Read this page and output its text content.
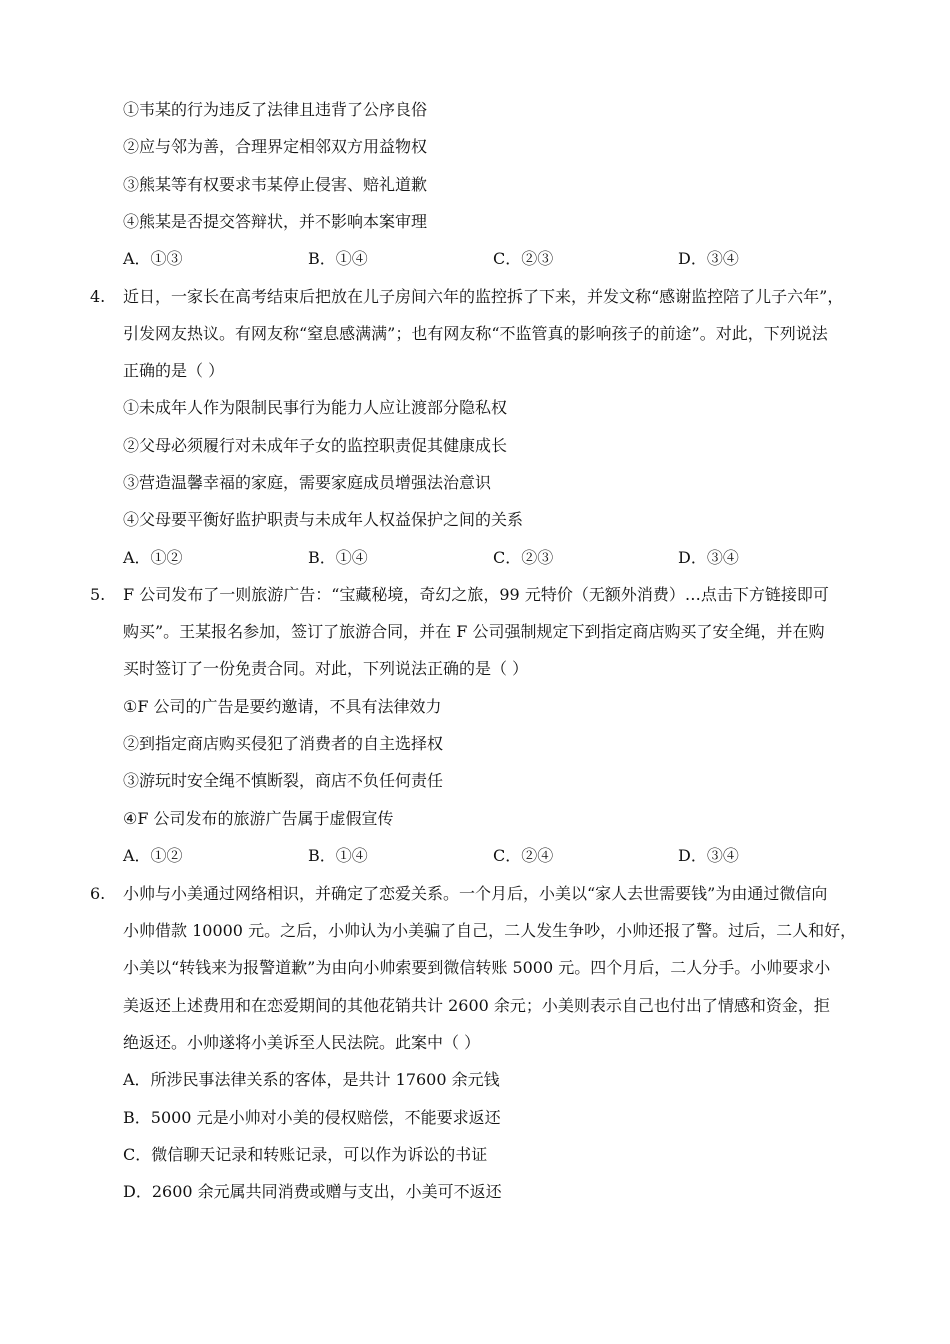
①韦某的行为违反了法律且违背了公序良俗
②应与邻为善，合理界定相邻双方用益物权
③熊某等有权要求韦某停止侵害、赔礼道歉
④熊某是否提交答辩状，并不影响本案审理
A．①③	B．①④	C．②③	D．③④
4. 近日，一家长在高考结束后把放在儿子房间六年的监控拆了下来，并发文称“感谢监控陪了儿子六年”，
引发网友热议。有网友称“窒息感满满”；也有网友称“不监管真的影响孩子的前途”。对此，下列说法
正确的是（ ）
①未成年人作为限制民事行为能力人应让渡部分隐私权
②父母必须履行对未成年子女的监控职责促其健康成长
③营造温馨幸福的家庭，需要家庭成员增强法治意识
④父母要平衡好监护职责与未成年人权益保护之间的关系
A．①②	B．①④	C．②③	D．③④
5. F 公司发布了一则旅游广告：“宝藏秘境，奇幻之旅，99 元特价（无额外消费）…点击下方链接即可
购买”。王某报名参加，签订了旅游合同，并在 F 公司强制规定下到指定商店购买了安全绳，并在购
买时签订了一份免责合同。对此，下列说法正确的是（ ）
①F 公司的广告是要约邀请，不具有法律效力
②到指定商店购买侵犯了消费者的自主选择权
③游玩时安全绳不慎断裂，商店不负任何责任
④F 公司发布的旅游广告属于虚假宣传
A．①②	B．①④	C．②④	D．③④
6. 小帅与小美通过网络相识，并确定了恋爱关系。一个月后，小美以“家人去世需要钱”为由通过微信向
小帅借款 10000 元。之后，小帅认为小美骗了自己，二人发生争吵，小帅还报了警。过后，二人和好，
小美以“转钱来为报警道歉”为由向小帅索要到微信转账 5000 元。四个月后，二人分手。小帅要求小
美返还上述费用和在恋爱期间的其他花销共计 2600 余元；小美则表示自己也付出了情感和资金，拒
绝返还。小帅遂将小美诉至人民法院。此案中（ ）
A．所涉民事法律关系的客体，是共计 17600 余元钱
B．5000 元是小帅对小美的侵权赔偿，不能要求返还
C．微信聊天记录和转账记录，可以作为诉讼的书证
D．2600 余元属共同消费或赠与支出，小美可不返还
